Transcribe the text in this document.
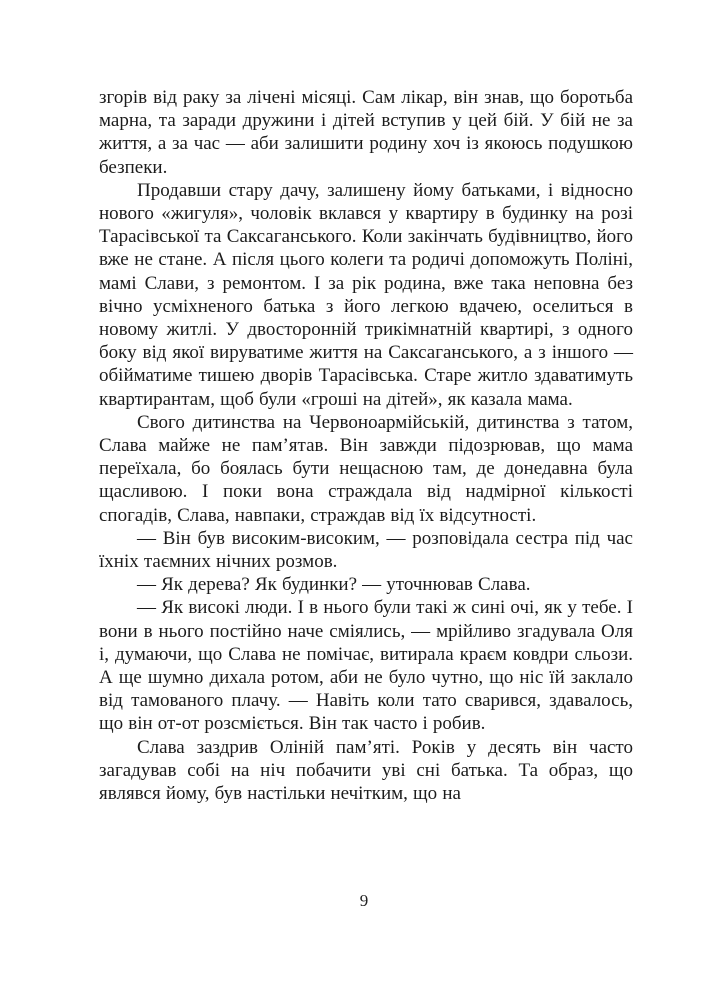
згорів від раку за лічені місяці. Сам лікар, він знав, що боротьба марна, та заради дружини і дітей вступив у цей бій. У бій не за життя, а за час — аби залишити родину хоч із якоюсь подушкою безпеки.

Продавши стару дачу, залишену йому батьками, і відносно нового «жигуля», чоловік вклався у квартиру в будинку на розі Тарасівської та Саксаганського. Коли закінчать будівництво, його вже не стане. А після цього колеги та родичі допоможуть Поліні, мамі Слави, з ремонтом. І за рік родина, вже така неповна без вічно усміхненого батька з його легкою вдачею, оселиться в новому житлі. У двосторонній трикімнатній квартирі, з одного боку від якої вируватиме життя на Саксаганського, а з іншого — обійматиме тишею дворів Тарасівська. Старе житло здаватимуть квартирантам, щоб були «гроші на дітей», як казала мама.

Свого дитинства на Червоноармійській, дитинства з татом, Слава майже не пам’ятав. Він завжди підозрював, що мама переїхала, бо боялась бути нещасною там, де донедавна була щасливою. І поки вона страждала від надмірної кількості спогадів, Слава, навпаки, страждав від їх відсутності.

— Він був високим-високим, — розповідала сестра під час їхніх таємних нічних розмов.

— Як дерева? Як будинки? — уточнював Слава.

— Як високі люди. І в нього були такі ж сині очі, як у тебе. І вони в нього постійно наче сміялись, — мрійливо згадувала Оля і, думаючи, що Слава не помічає, витирала краєм ковдри сльози. А ще шумно дихала ротом, аби не було чутно, що ніс їй заклало від тамованого плачу. — Навіть коли тато сварився, здавалось, що він от-от розсміється. Він так часто і робив.

Слава заздрив Оліній пам’яті. Років у десять він часто загадував собі на ніч побачити уві сні батька. Та образ, що являвся йому, був настільки нечітким, що на

9
